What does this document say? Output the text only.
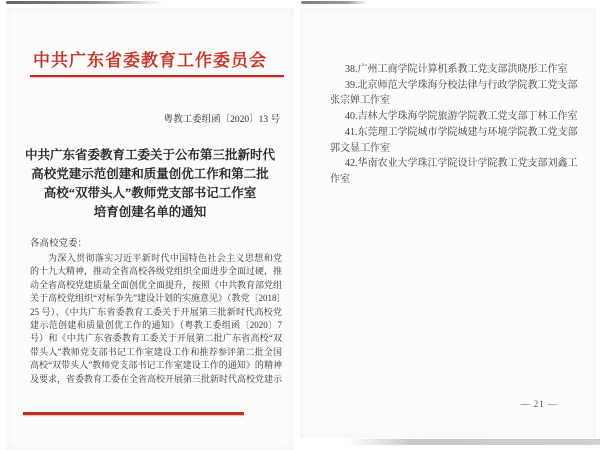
中共广东省委教育工作委员会
粤教工委组函〔2020〕13 号
中共广东省委教育工委关于公布第三批新时代
高校党建示范创建和质量创优工作和第二批
高校“双带头人”教师党支部书记工作室
培育创建名单的通知
各高校党委：
为深入贯彻落实习近平新时代中国特色社会主义思想和党
的十九大精神，推动全省高校各级党组织全面进步全面过硬，推
动全省高校党建质量全面创优全面提升，按照《中共教育部党组
关于高校党组织“对标争先”建设计划的实施意见》（教党〔2018〕
25 号）、《中共广东省委教育工委关于开展第三批新时代高校党
建示范创建和质量创优工作的通知》（粤教工委组函〔2020〕7
号）和《中共广东省委教育工委关于开展第二批广东省高校“双
带头人”教师党支部书记工作室建设工作和推荐参评第二批全国
高校“双带头人”教师党支部书记工作室建设工作的通知》的精神
及要求，省委教育工委在全省高校开展第三批新时代高校党建示
38.广州工商学院计算机系教工党支部洪晓彤工作室
39.北京师范大学珠海分校法律与行政学院教工党支部
张宗婵工作室
40.吉林大学珠海学院旅游学院教工党支部丁林工作室
41.东莞理工学院城市学院城建与环境学院教工党支部
郭文显工作室
42.华南农业大学珠江学院设计学院教工党支部刘鑫工作室
— 21 —
